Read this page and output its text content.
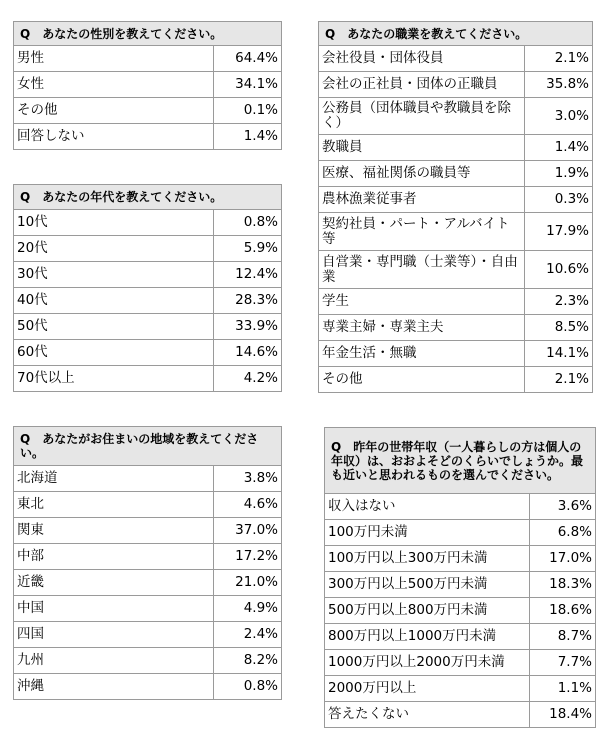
Q　あなたの性別を教えてください。	
男性	64.4%
女性	34.1%
その他	0.1%
回答しない	1.4%
Q　あなたの年代を教えてください。	
10代	0.8%
20代	5.9%
30代	12.4%
40代	28.3%
50代	33.9%
60代	14.6%
70代以上	4.2%
Q　あなたがお住まいの地域を教えてください。	
北海道	3.8%
東北	4.6%
関東	37.0%
中部	17.2%
近畿	21.0%
中国	4.9%
四国	2.4%
九州	8.2%
沖縄	0.8%
Q　あなたの職業を教えてください。	
会社役員・団体役員	2.1%
会社の正社員・団体の正職員	35.8%
公務員（団体職員や教職員を除く）	3.0%
教職員	1.4%
医療、福祉関係の職員等	1.9%
農林漁業従事者	0.3%
契約社員・パート・アルバイト等	17.9%
自営業・専門職（士業等）・自由業	10.6%
学生	2.3%
専業主婦・専業主夫	8.5%
年金生活・無職	14.1%
その他	2.1%
Q　昨年の世帯年収（一人暮らしの方は個人の年収）は、おおよそどのくらいでしょうか。最も近いと思われるものを選んでください。	
収入はない	3.6%
100万円未満	6.8%
100万円以上300万円未満	17.0%
300万円以上500万円未満	18.3%
500万円以上800万円未満	18.6%
800万円以上1000万円未満	8.7%
1000万円以上2000万円未満	7.7%
2000万円以上	1.1%
答えたくない	18.4%
